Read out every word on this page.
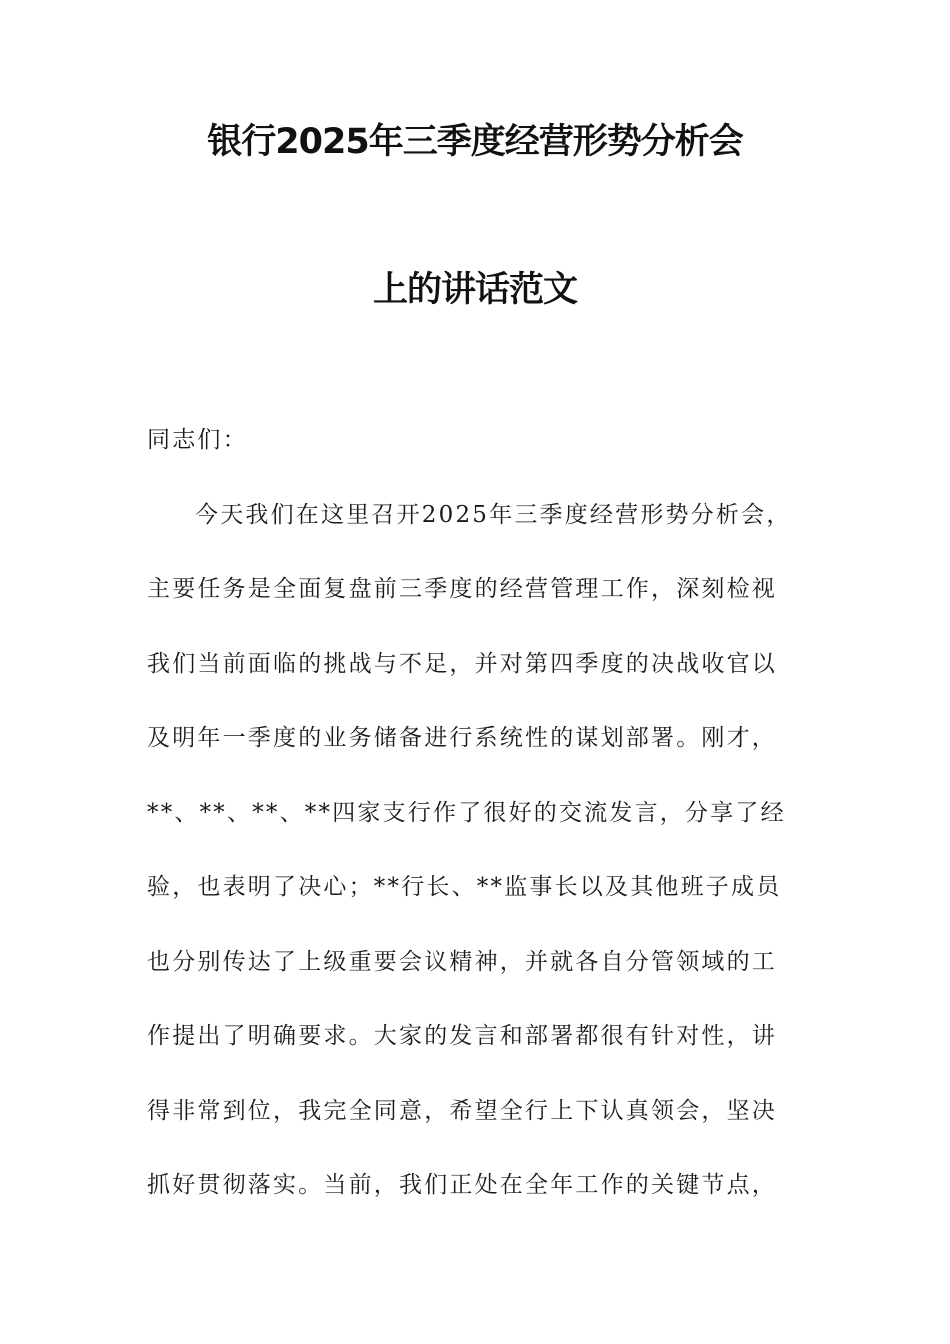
银行2025年三季度经营形势分析会
上的讲话范文
同志们：
今天我们在这里召开2025年三季度经营形势分析会，
主要任务是全面复盘前三季度的经营管理工作，深刻检视
我们当前面临的挑战与不足，并对第四季度的决战收官以
及明年一季度的业务储备进行系统性的谋划部署。刚才，
**、**、**、**四家支行作了很好的交流发言，分享了经
验，也表明了决心；**行长、**监事长以及其他班子成员
也分别传达了上级重要会议精神，并就各自分管领域的工
作提出了明确要求。大家的发言和部署都很有针对性，讲
得非常到位，我完全同意，希望全行上下认真领会，坚决
抓好贯彻落实。当前，我们正处在全年工作的关键节点，
